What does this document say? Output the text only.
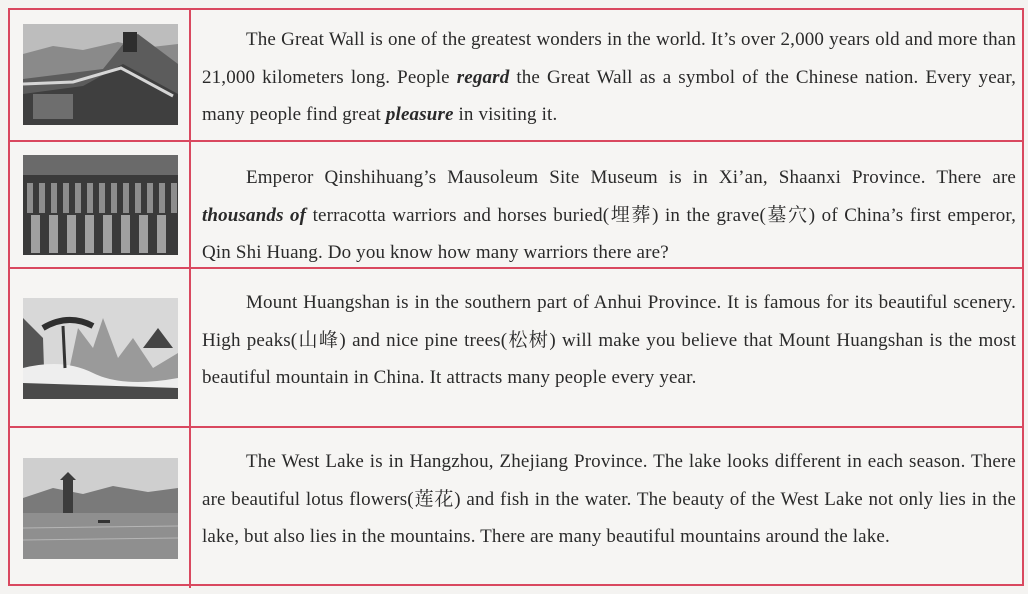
The Great Wall is one of the greatest wonders in the world. It’s over 2,000 years old and more than 21,000 kilometers long. People regard the Great Wall as a symbol of the Chinese nation. Every year, many people find great pleasure in visiting it.
Emperor Qinshihuang’s Mausoleum Site Museum is in Xi’an, Shaanxi Province. There are thousands of terracotta warriors and horses buried(埋葬) in the grave(墓穴) of China’s first emperor, Qin Shi Huang. Do you know how many warriors there are?
Mount Huangshan is in the southern part of Anhui Province. It is famous for its beautiful scenery. High peaks(山峰) and nice pine trees(松树) will make you believe that Mount Huangshan is the most beautiful mountain in China. It attracts many people every year.
The West Lake is in Hangzhou, Zhejiang Province. The lake looks different in each season. There are beautiful lotus flowers(莲花) and fish in the water. The beauty of the West Lake not only lies in the lake, but also lies in the mountains. There are many beautiful mountains around the lake.
